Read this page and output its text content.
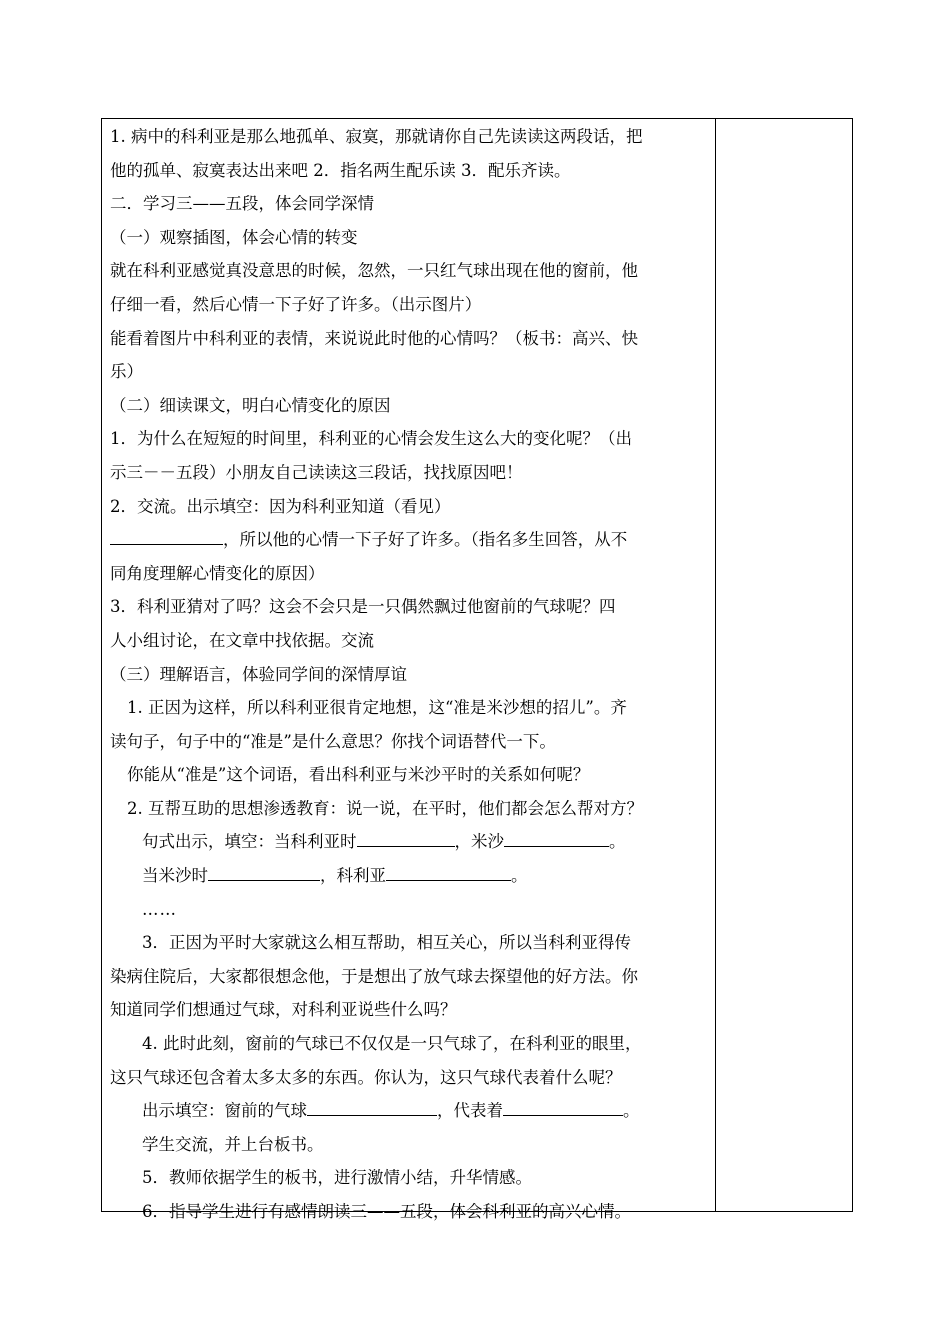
1. 病中的科利亚是那么地孤单、寂寞，那就请你自己先读读这两段话，把
他的孤单、寂寞表达出来吧 2．指名两生配乐读 3．配乐齐读。
二．学习三——五段，体会同学深情
（一）观察插图，体会心情的转变
就在科利亚感觉真没意思的时候，忽然，一只红气球出现在他的窗前，他
仔细一看，然后心情一下子好了许多。（出示图片）
能看着图片中科利亚的表情，来说说此时他的心情吗？（板书：高兴、快
乐）
（二）细读课文，明白心情变化的原因
1．为什么在短短的时间里，科利亚的心情会发生这么大的变化呢？（出
示三－－五段）小朋友自己读读这三段话，找找原因吧！
2．交流。出示填空：因为科利亚知道（看见）
，所以他的心情一下子好了许多。（指名多生回答，从不
同角度理解心情变化的原因）
3．科利亚猜对了吗？这会不会只是一只偶然飘过他窗前的气球呢？四
人小组讨论，在文章中找依据。交流
（三）理解语言，体验同学间的深情厚谊
1. 正因为这样，所以科利亚很肯定地想，这“准是米沙想的招儿”。齐
读句子，句子中的“准是”是什么意思？你找个词语替代一下。
你能从“准是”这个词语，看出科利亚与米沙平时的关系如何呢？
2. 互帮互助的思想渗透教育：说一说，在平时，他们都会怎么帮对方？
句式出示，填空：当科利亚时	，米沙	。
当米沙时	，科利亚	。
……
3．正因为平时大家就这么相互帮助，相互关心，所以当科利亚得传
染病住院后，大家都很想念他，于是想出了放气球去探望他的好方法。你
知道同学们想通过气球，对科利亚说些什么吗？
4. 此时此刻，窗前的气球已不仅仅是一只气球了，在科利亚的眼里，
这只气球还包含着太多太多的东西。你认为，这只气球代表着什么呢？
出示填空：窗前的气球	，代表着	。
学生交流，并上台板书。
5．教师依据学生的板书，进行激情小结，升华情感。
6．指导学生进行有感情朗读三——五段，体会科利亚的高兴心情。
